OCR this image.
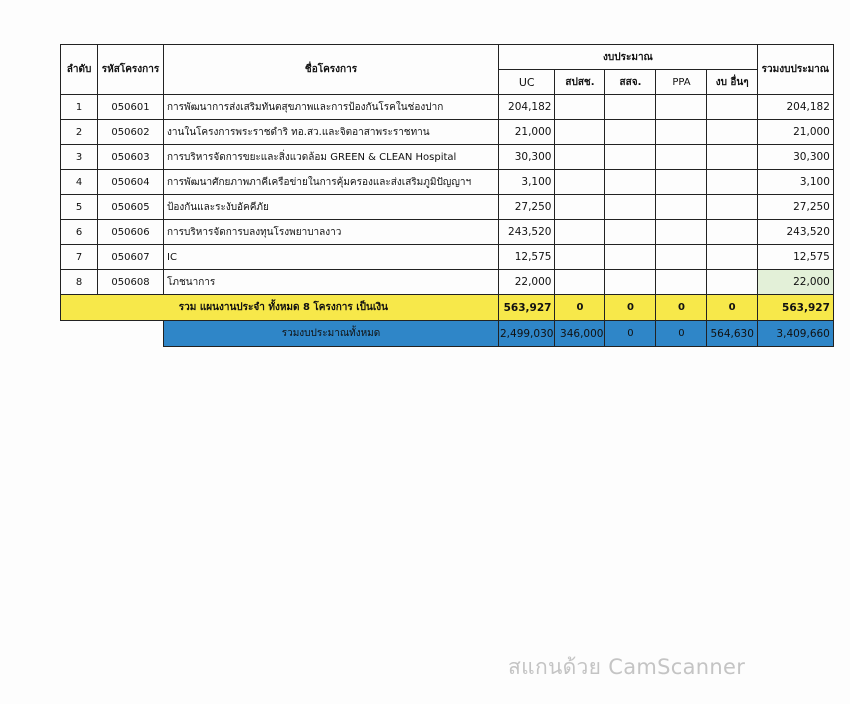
ลำดับ	รหัสโครงการ	ชื่อโครงการ	งบประมาณ					รวมงบประมาณ
			UC	สปสช.	สสจ.	PPA	งบ อื่นๆ	
1	050601	การพัฒนาการส่งเสริมทันตสุขภาพและการป้องกันโรคในช่องปาก	204,182					204,182
2	050602	งานในโครงการพระราชดำริ ทอ.สว.และจิตอาสาพระราชทาน	21,000					21,000
3	050603	การบริหารจัดการขยะและสิ่งแวดล้อม GREEN & CLEAN Hospital	30,300					30,300
4	050604	การพัฒนาศักยภาพภาคีเครือข่ายในการคุ้มครองและส่งเสริมภูมิปัญญาฯ	3,100					3,100
5	050605	ป้องกันและระงับอัคคีภัย	27,250					27,250
6	050606	การบริหารจัดการบลงทุนโรงพยาบาลงาว	243,520					243,520
7	050607	IC	12,575					12,575
8	050608	โภชนาการ	22,000					22,000
รวม แผนงานประจำ ทั้งหมด 8 โครงการ เป็นเงิน			563,927	0	0	0	0	563,927
		รวมงบประมาณทั้งหมด	2,499,030	346,000	0	0	564,630	3,409,660
สแกนด้วย CamScanner
